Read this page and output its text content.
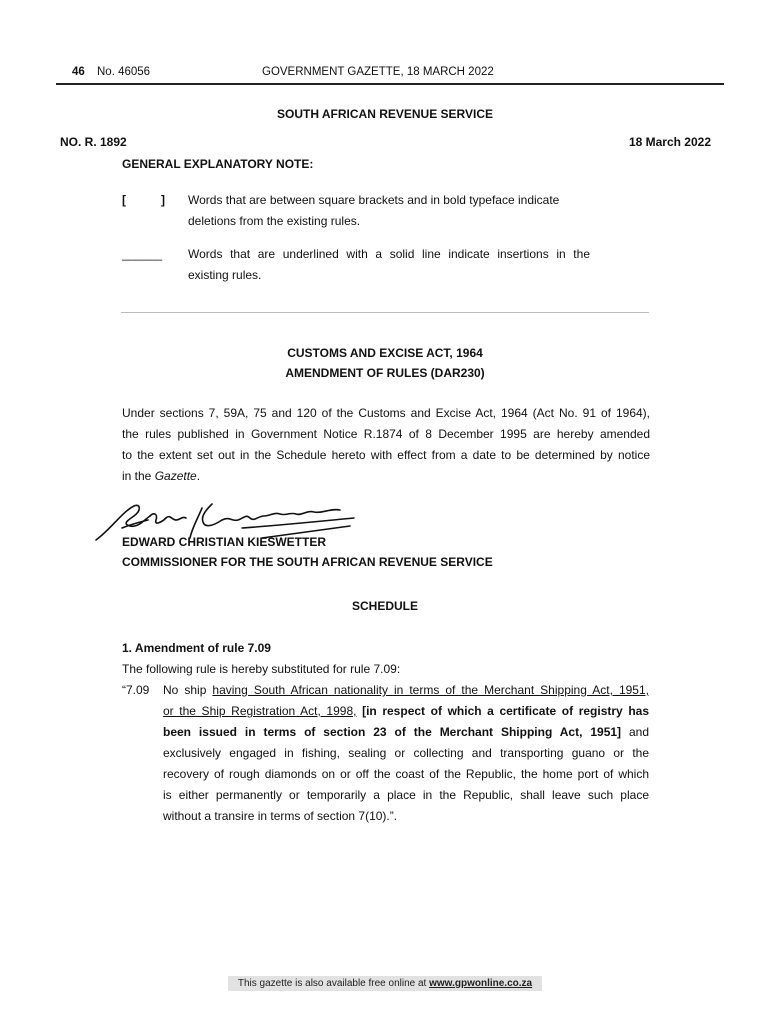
46 No. 46056	GOVERNMENT GAZETTE, 18 MARCH 2022
SOUTH AFRICAN REVENUE SERVICE
NO. R. 1892	18 March 2022
GENERAL EXPLANATORY NOTE:
[	] Words that are between square brackets and in bold typeface indicate
deletions from the existing rules.
______ Words that are underlined with a solid line indicate insertions in the
existing rules.
CUSTOMS AND EXCISE ACT, 1964
AMENDMENT OF RULES (DAR230)
Under sections 7, 59A, 75 and 120 of the Customs and Excise Act, 1964 (Act No. 91 of 1964),
the rules published in Government Notice R.1874 of 8 December 1995 are hereby amended
to the extent set out in the Schedule hereto with effect from a date to be determined by notice
in the Gazette.
EDWARD CHRISTIAN KIESWETTER
COMMISSIONER FOR THE SOUTH AFRICAN REVENUE SERVICE
SCHEDULE
1. Amendment of rule 7.09
The following rule is hereby substituted for rule 7.09:
“7.09 No ship having South African nationality in terms of the Merchant Shipping Act, 1951,
or the Ship Registration Act, 1998, [in respect of which a certificate of registry has
been issued in terms of section 23 of the Merchant Shipping Act, 1951] and
exclusively engaged in fishing, sealing or collecting and transporting guano or the
recovery of rough diamonds on or off the coast of the Republic, the home port of which
is either permanently or temporarily a place in the Republic, shall leave such place
without a transire in terms of section 7(10).”.
This gazette is also available free online at www.gpwonline.co.za
